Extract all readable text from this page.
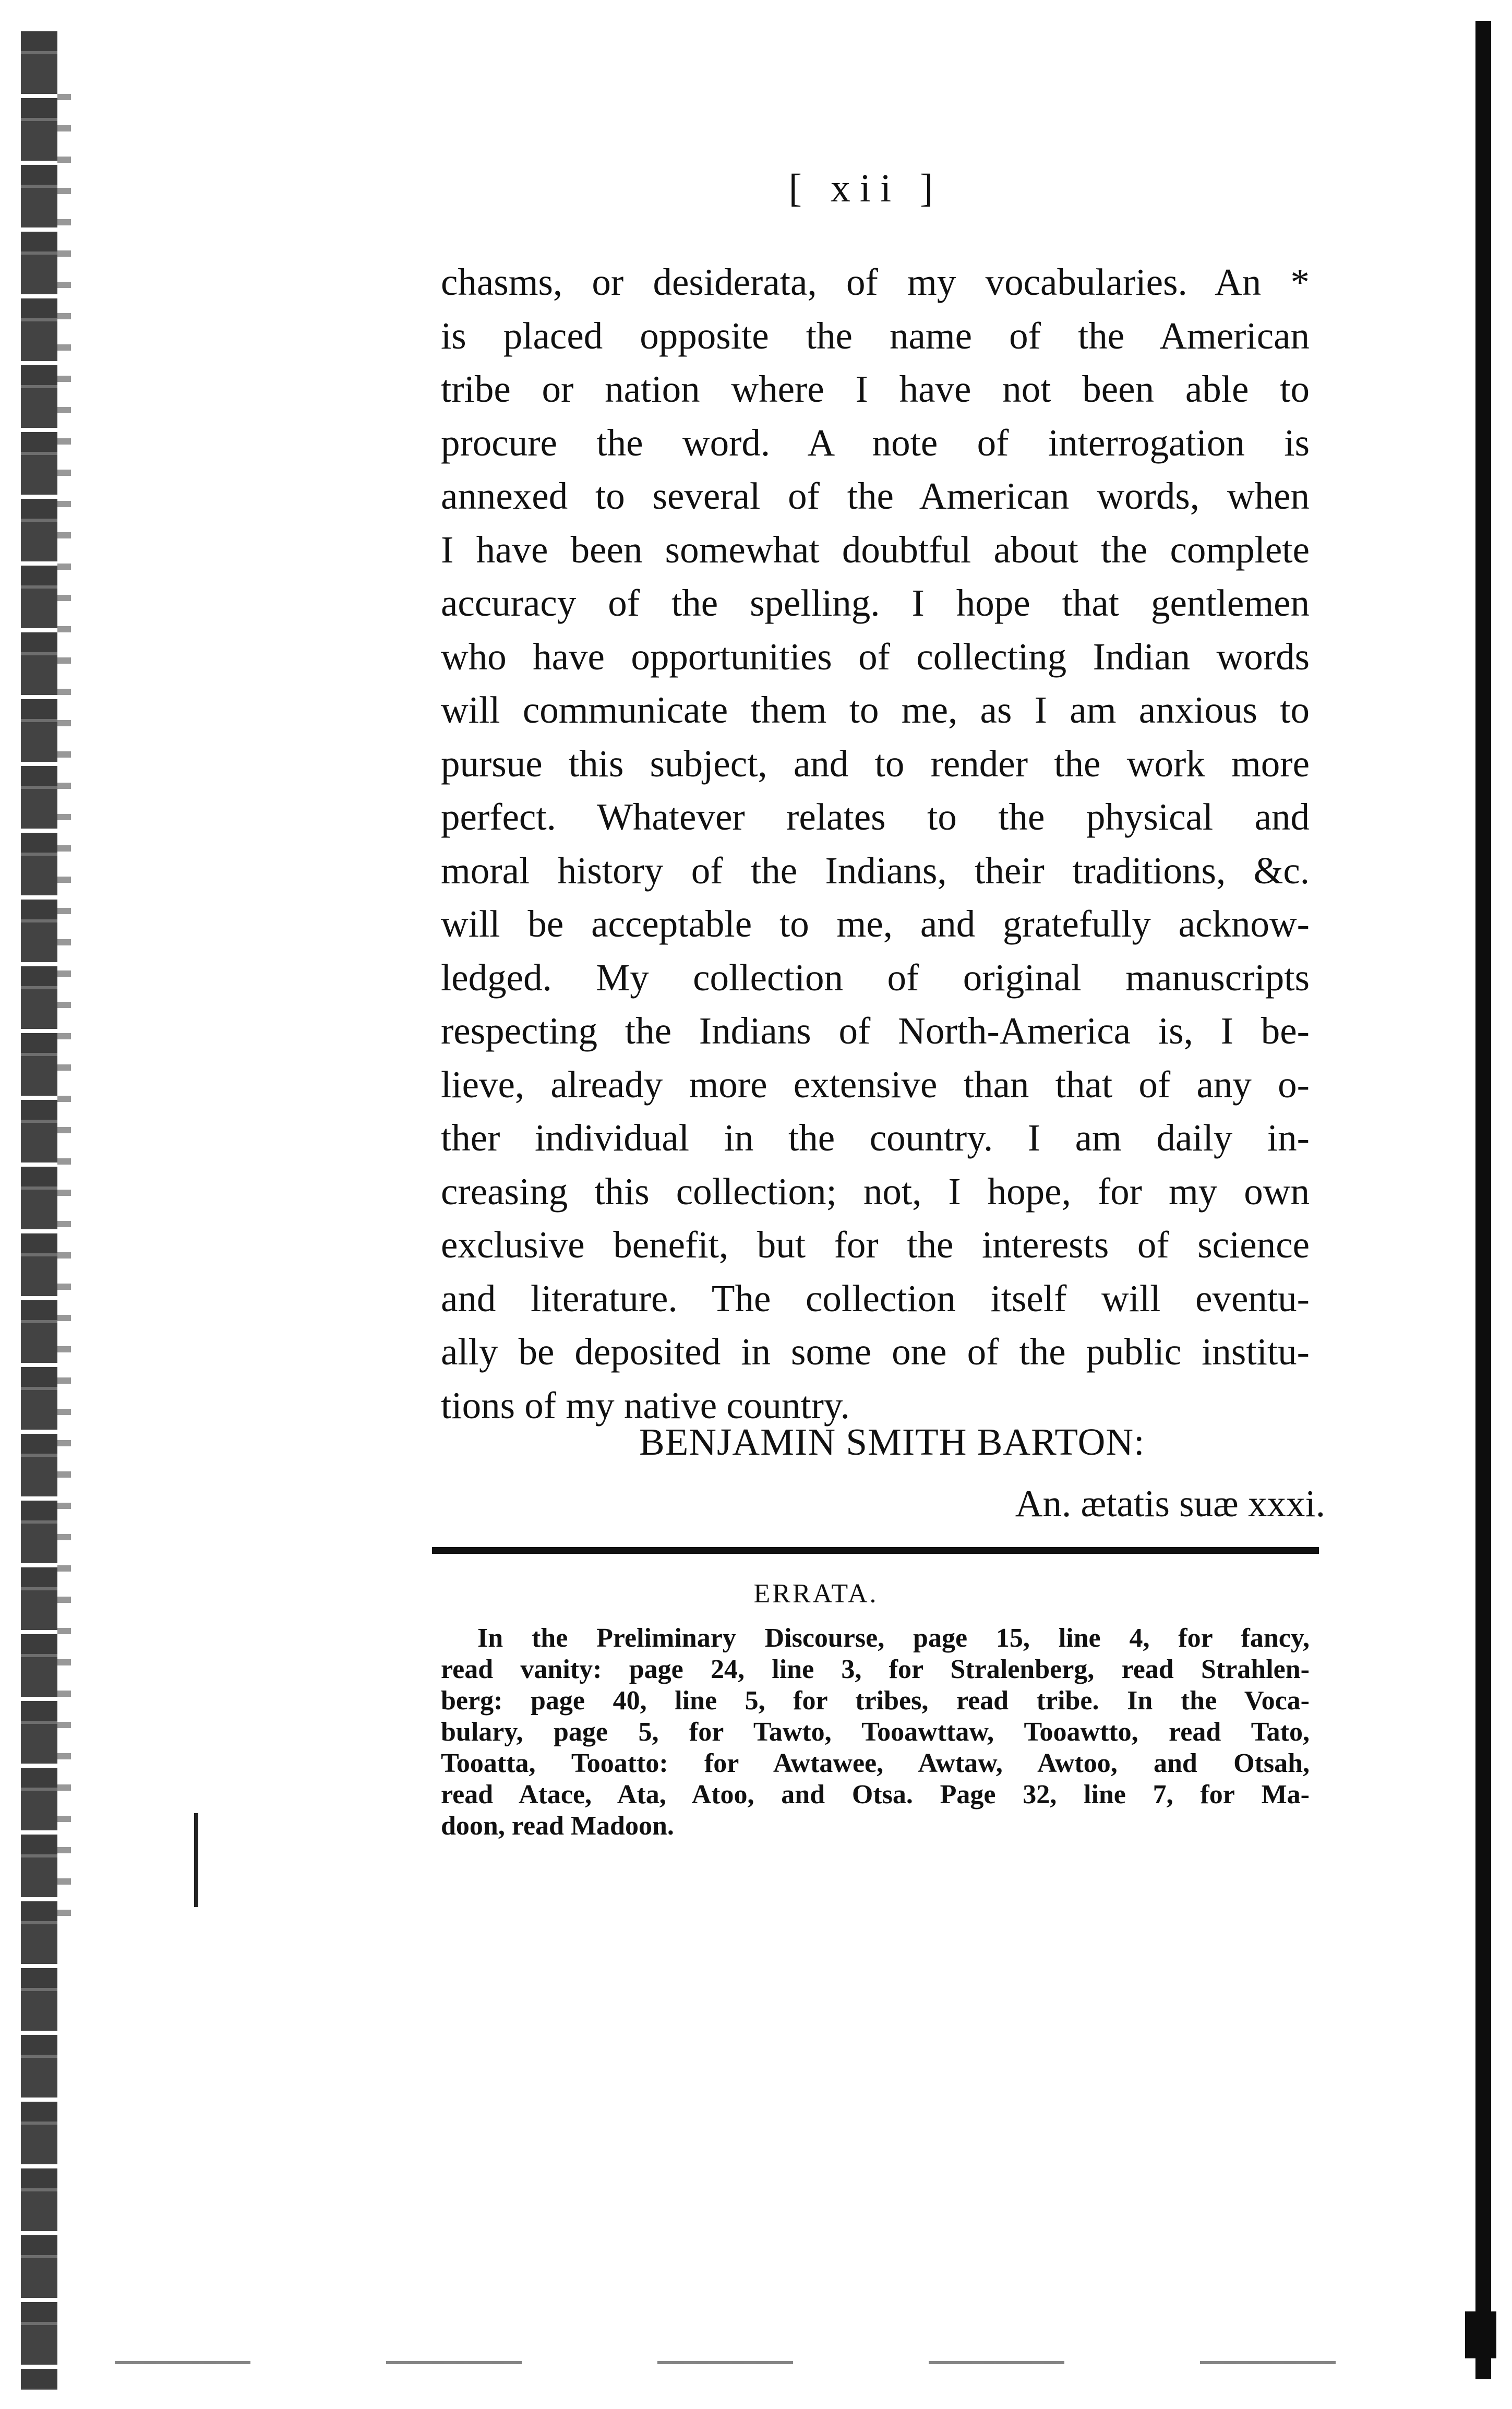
[ xii ]
chasms, or desiderata, of my vocabularies. An *
is placed opposite the name of the American
tribe or nation where I have not been able to
procure the word. A note of interrogation is
annexed to several of the American words, when
I have been somewhat doubtful about the complete
accuracy of the spelling. I hope that gentlemen
who have opportunities of collecting Indian words
will communicate them to me, as I am anxious to
pursue this subject, and to render the work more
perfect. Whatever relates to the physical and
moral history of the Indians, their traditions, &c.
will be acceptable to me, and gratefully acknow-
ledged. My collection of original manuscripts
respecting the Indians of North-America is, I be-
lieve, already more extensive than that of any o-
ther individual in the country. I am daily in-
creasing this collection; not, I hope, for my own
exclusive benefit, but for the interests of science
and literature. The collection itself will eventu-
ally be deposited in some one of the public institu-
tions of my native country.
BENJAMIN SMITH BARTON:
An. ætatis suæ xxxi.
ERRATA.
In the Preliminary Discourse, page 15, line 4, for fancy,
read vanity: page 24, line 3, for Stralenberg, read Strahlen-
berg: page 40, line 5, for tribes, read tribe. In the Voca-
bulary, page 5, for Tawto, Tooawttaw, Tooawtto, read Tato,
Tooatta, Tooatto: for Awtawee, Awtaw, Awtoo, and Otsah,
read Atace, Ata, Atoo, and Otsa. Page 32, line 7, for Ma-
doon, read Madoon.
